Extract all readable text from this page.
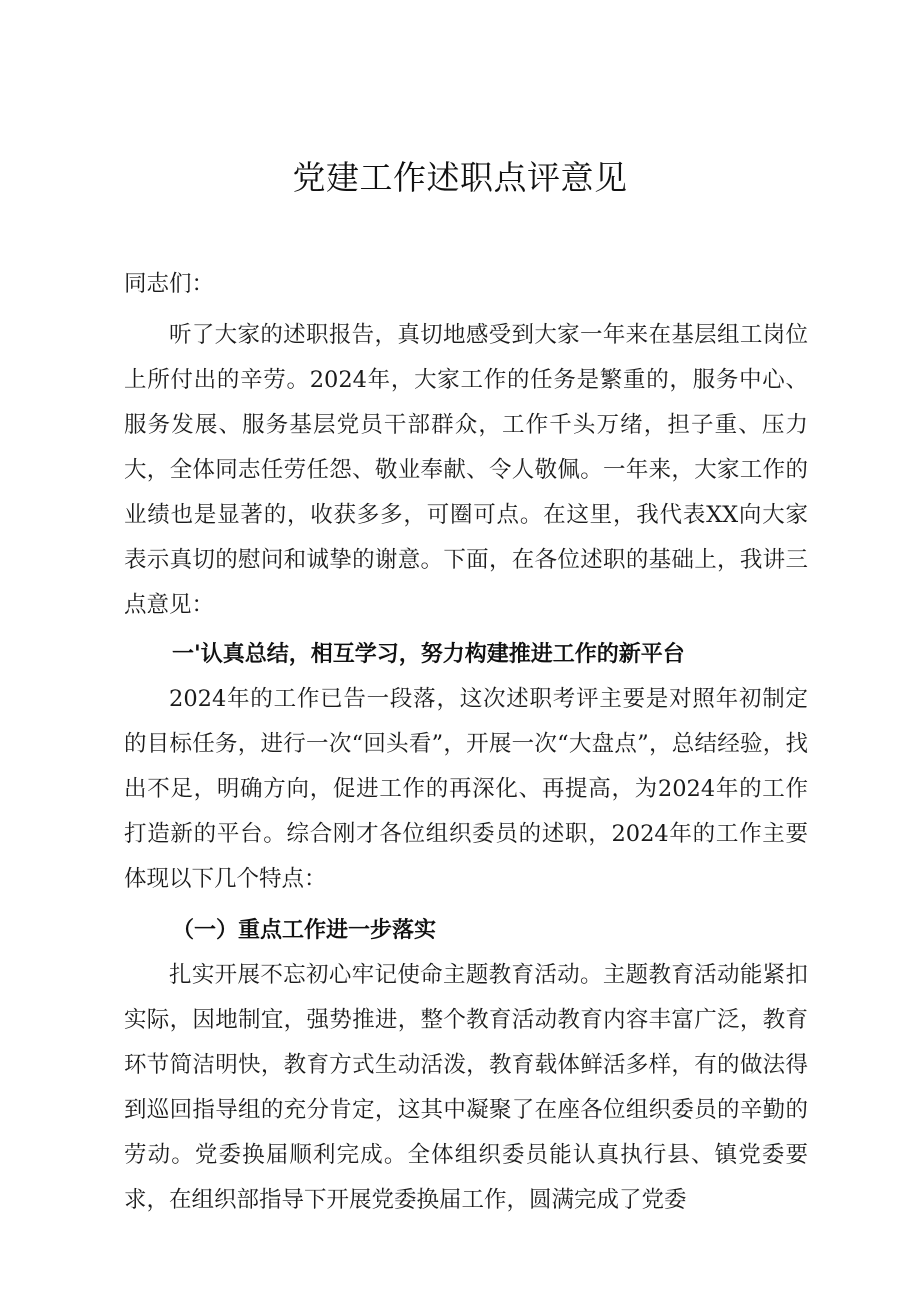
党建工作述职点评意见

同志们：

听了大家的述职报告，真切地感受到大家一年来在基层组工岗位上所付出的辛劳。2024年，大家工作的任务是繁重的，服务中心、服务发展、服务基层党员干部群众，工作千头万绪，担子重、压力大，全体同志任劳任怨、敬业奉献、令人敬佩。一年来，大家工作的业绩也是显著的，收获多多，可圈可点。在这里，我代表XX向大家表示真切的慰问和诚挚的谢意。下面，在各位述职的基础上，我讲三点意见：

一'认真总结，相互学习，努力构建推进工作的新平台

2024年的工作已告一段落，这次述职考评主要是对照年初制定的目标任务，进行一次“回头看”，开展一次“大盘点”，总结经验，找出不足，明确方向，促进工作的再深化、再提高，为2024年的工作打造新的平台。综合刚才各位组织委员的述职，2024年的工作主要体现以下几个特点：

（一）重点工作进一步落实

扎实开展不忘初心牢记使命主题教育活动。主题教育活动能紧扣实际，因地制宜，强势推进，整个教育活动教育内容丰富广泛，教育环节简洁明快，教育方式生动活泼，教育载体鲜活多样，有的做法得到巡回指导组的充分肯定，这其中凝聚了在座各位组织委员的辛勤的劳动。党委换届顺利完成。全体组织委员能认真执行县、镇党委要求，在组织部指导下开展党委换届工作，圆满完成了党委
